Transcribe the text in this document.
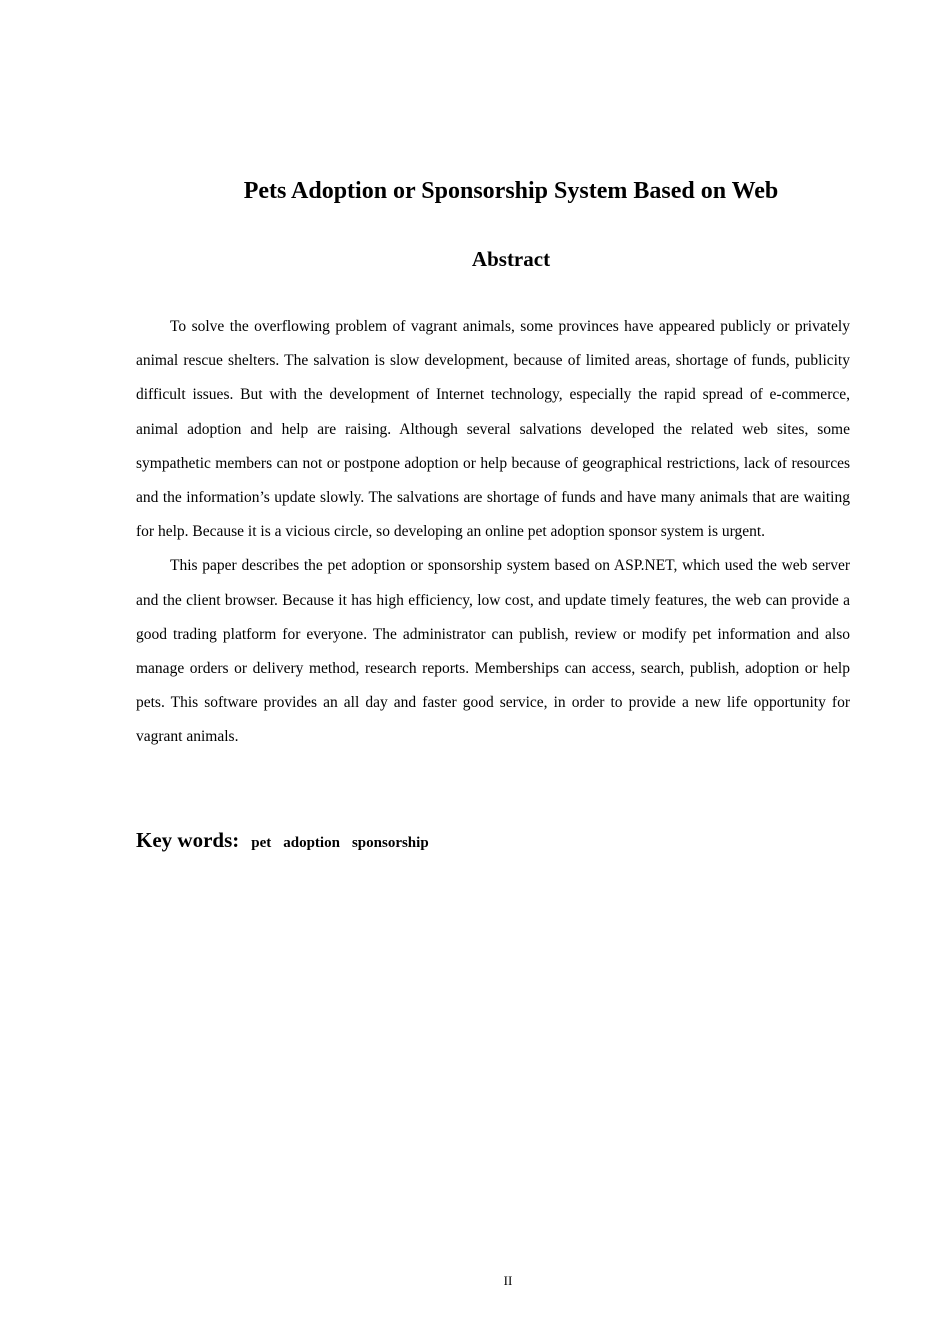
Pets Adoption or Sponsorship System Based on Web
Abstract

To solve the overflowing problem of vagrant animals, some provinces have appeared publicly or privately animal rescue shelters. The salvation is slow development, because of limited areas, shortage of funds, publicity difficult issues. But with the development of Internet technology, especially the rapid spread of e-commerce, animal adoption and help are raising. Although several salvations developed the related web sites, some sympathetic members can not or postpone adoption or help because of geographical restrictions, lack of resources and the information’s update slowly. The salvations are shortage of funds and have many animals that are waiting for help. Because it is a vicious circle, so developing an online pet adoption sponsor system is urgent.

This paper describes the pet adoption or sponsorship system based on ASP.NET, which used the web server and the client browser. Because it has high efficiency, low cost, and update timely features, the web can provide a good trading platform for everyone. The administrator can publish, review or modify pet information and also manage orders or delivery method, research reports. Memberships can access, search, publish, adoption or help pets. This software provides an all day and faster good service, in order to provide a new life opportunity for vagrant animals.

Key words: pet adoption sponsorship
II
